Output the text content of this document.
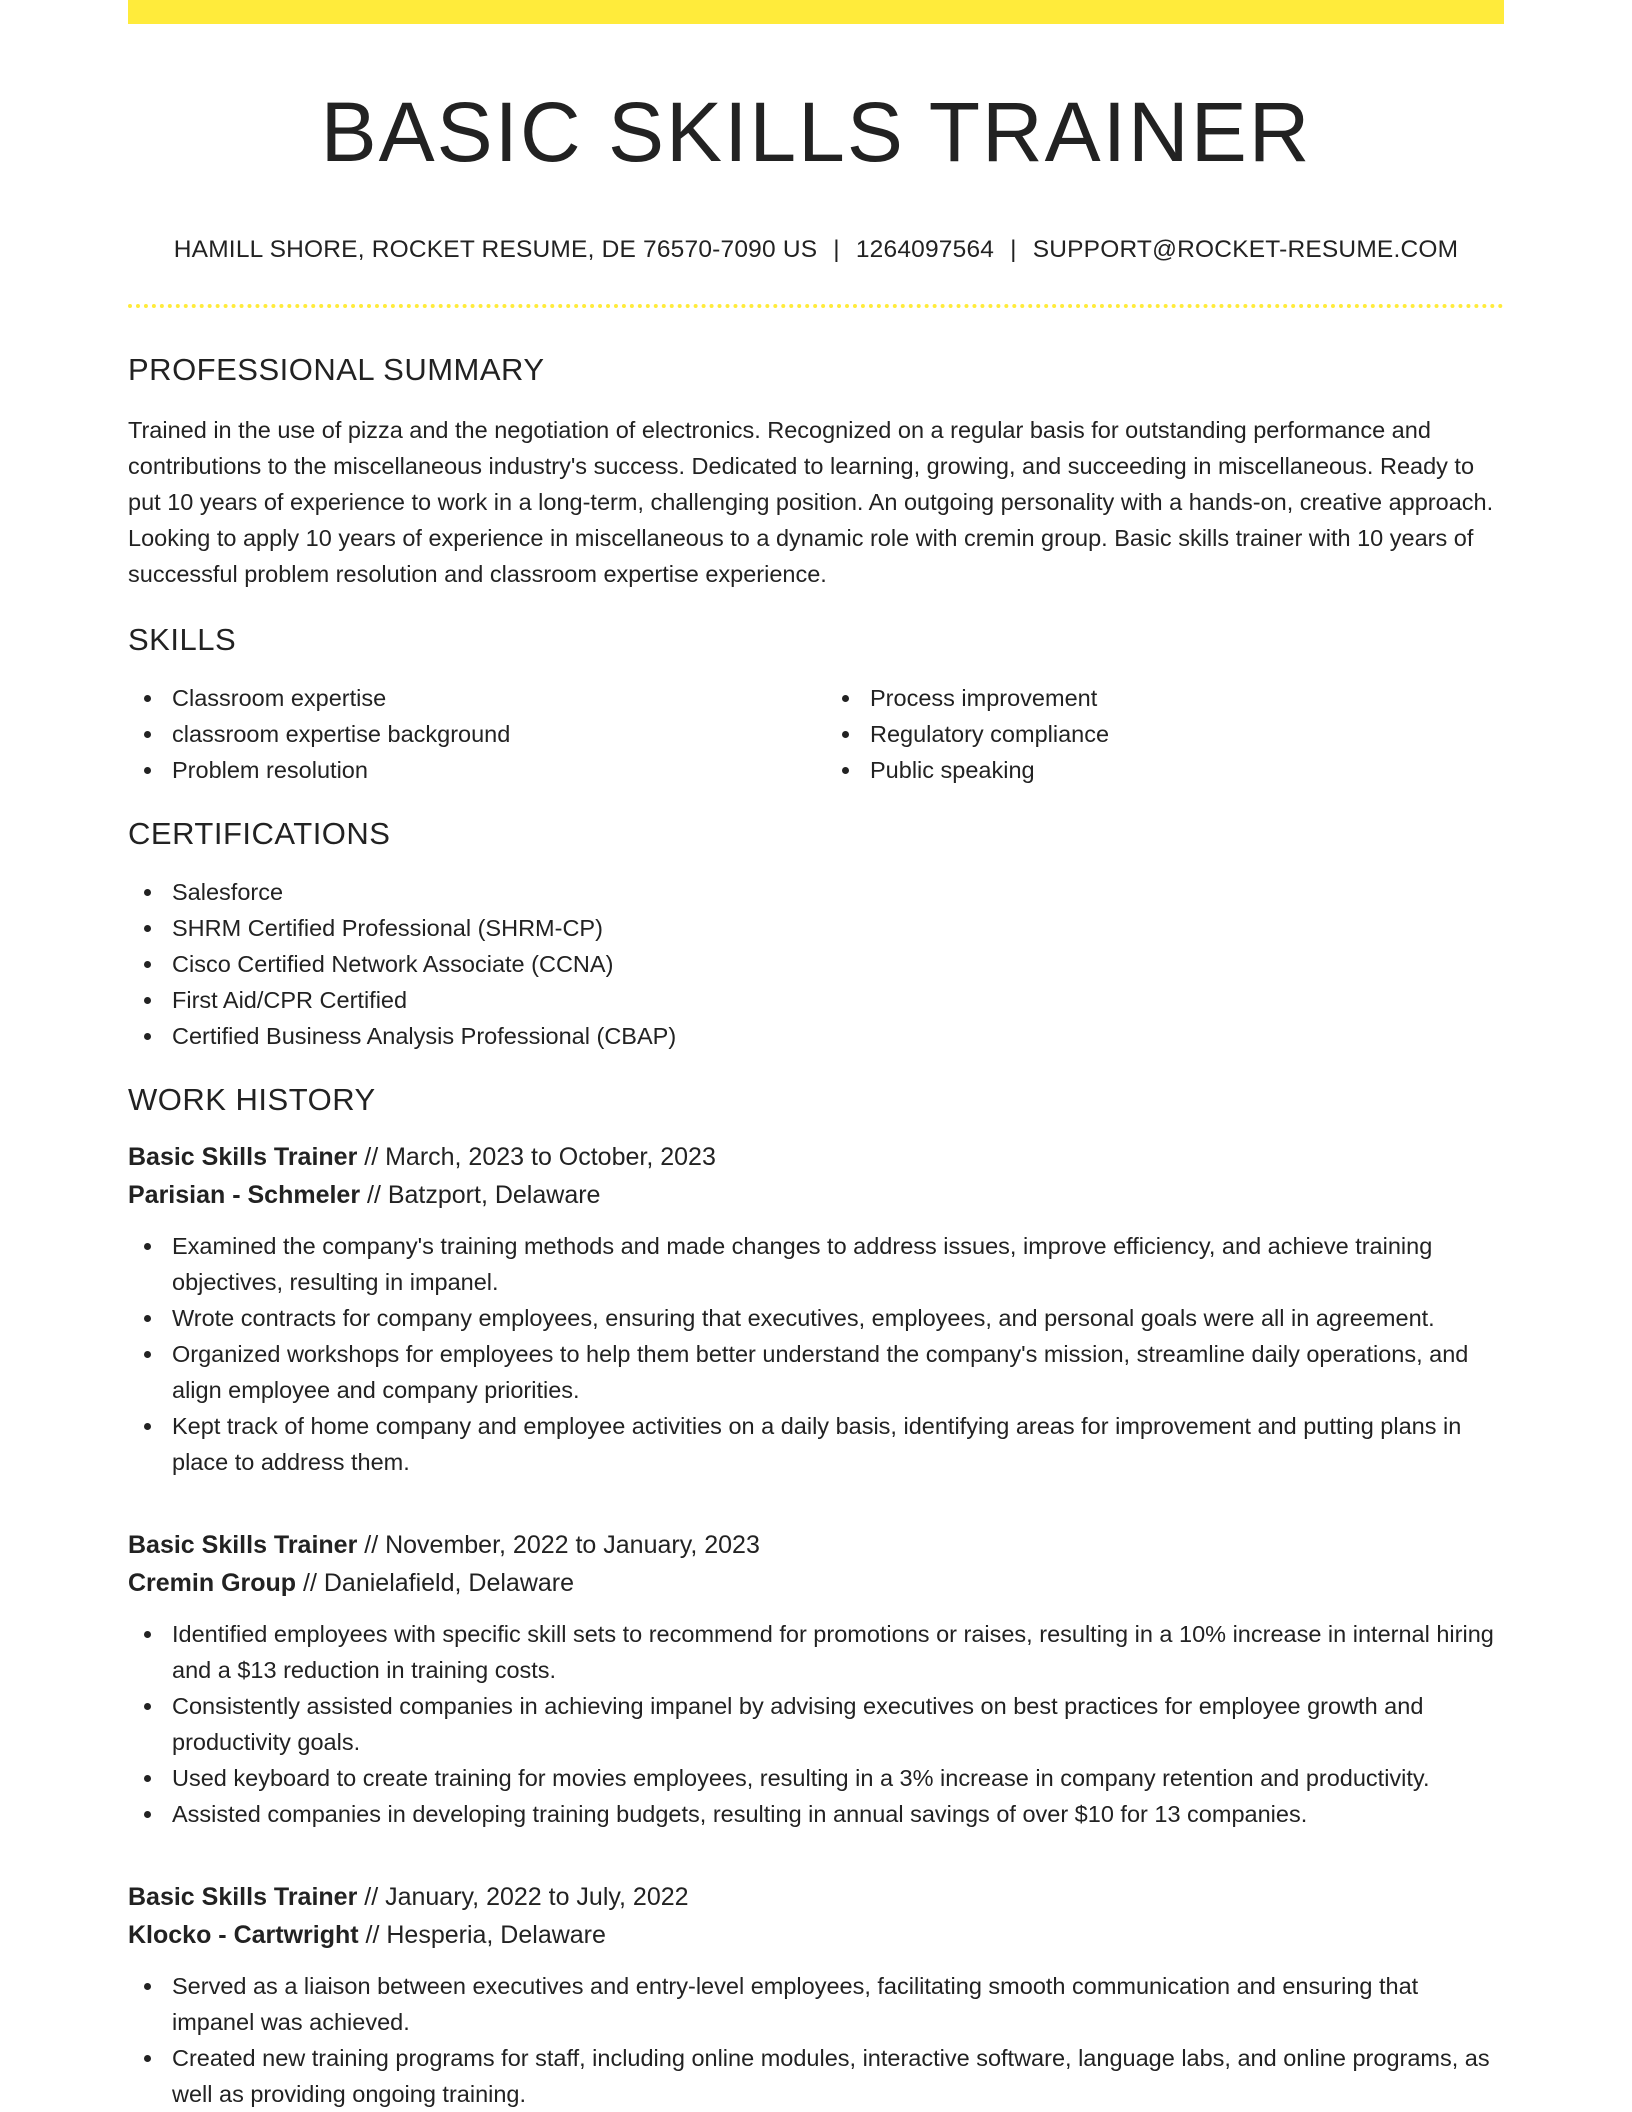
BASIC SKILLS TRAINER
HAMILL SHORE, ROCKET RESUME, DE 76570-7090 US | 1264097564 | SUPPORT@ROCKET-RESUME.COM
PROFESSIONAL SUMMARY

Trained in the use of pizza and the negotiation of electronics. Recognized on a regular basis for outstanding performance and contributions to the miscellaneous industry's success. Dedicated to learning, growing, and succeeding in miscellaneous. Ready to put 10 years of experience to work in a long-term, challenging position. An outgoing personality with a hands-on, creative approach. Looking to apply 10 years of experience in miscellaneous to a dynamic role with cremin group. Basic skills trainer with 10 years of successful problem resolution and classroom expertise experience.

SKILLS
Classroom expertise
classroom expertise background
Problem resolution
Process improvement
Regulatory compliance
Public speaking
CERTIFICATIONS
Salesforce
SHRM Certified Professional (SHRM-CP)
Cisco Certified Network Associate (CCNA)
First Aid/CPR Certified
Certified Business Analysis Professional (CBAP)
WORK HISTORY
Basic Skills Trainer // March, 2023 to October, 2023
Parisian - Schmeler // Batzport, Delaware
Examined the company's training methods and made changes to address issues, improve efficiency, and achieve training objectives, resulting in impanel.
Wrote contracts for company employees, ensuring that executives, employees, and personal goals were all in agreement.
Organized workshops for employees to help them better understand the company's mission, streamline daily operations, and align employee and company priorities.
Kept track of home company and employee activities on a daily basis, identifying areas for improvement and putting plans in place to address them.
Basic Skills Trainer // November, 2022 to January, 2023
Cremin Group // Danielafield, Delaware
Identified employees with specific skill sets to recommend for promotions or raises, resulting in a 10% increase in internal hiring and a $13 reduction in training costs.
Consistently assisted companies in achieving impanel by advising executives on best practices for employee growth and productivity goals.
Used keyboard to create training for movies employees, resulting in a 3% increase in company retention and productivity.
Assisted companies in developing training budgets, resulting in annual savings of over $10 for 13 companies.
Basic Skills Trainer // January, 2022 to July, 2022
Klocko - Cartwright // Hesperia, Delaware
Served as a liaison between executives and entry-level employees, facilitating smooth communication and ensuring that impanel was achieved.
Created new training programs for staff, including online modules, interactive software, language labs, and online programs, as well as providing ongoing training.
